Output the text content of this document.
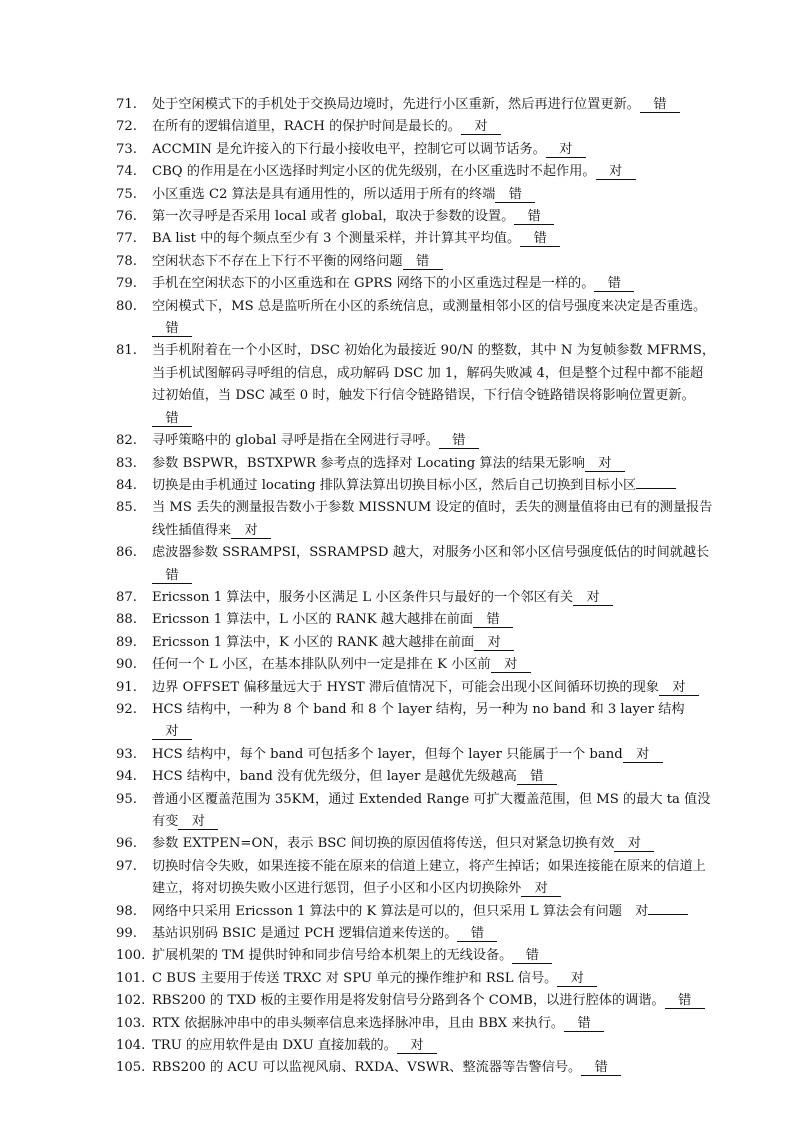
71.	处于空闲模式下的手机处于交换局边境时，先进行小区重新，然后再进行位置更新。 错
72.	在所有的逻辑信道里，RACH 的保护时间是最长的。 对
73.	ACCMIN 是允许接入的下行最小接收电平，控制它可以调节话务。 对
74.	CBQ 的作用是在小区选择时判定小区的优先级别，在小区重选时不起作用。 对
75.	小区重选 C2 算法是具有通用性的，所以适用于所有的终端 错
76.	第一次寻呼是否采用 local 或者 global，取决于参数的设置。 错
77.	BA list 中的每个频点至少有 3 个测量采样，并计算其平均值。 错
78.	空闲状态下不存在上下行不平衡的网络问题 错
79.	手机在空闲状态下的小区重选和在 GPRS 网络下的小区重选过程是一样的。 错
80.	空闲模式下，MS 总是监听所在小区的系统信息，或测量相邻小区的信号强度来决定是否重选。错
81.	当手机附着在一个小区时，DSC 初始化为最接近 90/N 的整数，其中 N 为复帧参数 MFRMS，当手机试图解码寻呼组的信息，成功解码 DSC 加 1，解码失败减 4，但是整个过程中都不能超过初始值，当 DSC 减至 0 时，触发下行信令链路错误，下行信令链路错误将影响位置更新。错
82.	寻呼策略中的 global 寻呼是指在全网进行寻呼。 错
83.	参数 BSPWR，BSTXPWR 参考点的选择对 Locating 算法的结果无影响 对
84.	切换是由手机通过 locating 排队算法算出切换目标小区，然后自己切换到目标小区
85.	当 MS 丢失的测量报告数小于参数 MISSNUM 设定的值时，丢失的测量值将由已有的测量报告线性插值得来 对
86.	虑波器参数 SSRAMPSI，SSRAMPSD 越大，对服务小区和邻小区信号强度低估的时间就越长错
87.	Ericsson 1 算法中，服务小区满足 L 小区条件只与最好的一个邻区有关 对
88.	Ericsson 1 算法中，L 小区的 RANK 越大越排在前面 错
89.	Ericsson 1 算法中，K 小区的 RANK 越大越排在前面 对
90.	任何一个 L 小区，在基本排队队列中一定是排在 K 小区前 对
91.	边界 OFFSET 偏移量远大于 HYST 滞后值情况下，可能会出现小区间循环切换的现象 对
92.	HCS 结构中，一种为 8 个 band 和 8 个 layer 结构，另一种为 no band 和 3 layer 结构对
93.	HCS 结构中，每个 band 可包括多个 layer，但每个 layer 只能属于一个 band 对
94.	HCS 结构中，band 没有优先级分，但 layer 是越优先级越高 错
95.	普通小区覆盖范围为 35KM，通过 Extended Range 可扩大覆盖范围，但 MS 的最大 ta 值没有变 对
96.	参数 EXTPEN=ON，表示 BSC 间切换的原因值将传送，但只对紧急切换有效 对
97.	切换时信令失败，如果连接不能在原来的信道上建立，将产生掉话；如果连接能在原来的信道上建立，将对切换失败小区进行惩罚，但子小区和小区内切换除外 对
98.	网络中只采用 Ericsson 1 算法中的 K 算法是可以的，但只采用 L 算法会有问题　对
99.	基站识别码 BSIC 是通过 PCH 逻辑信道来传送的。 错
100. 扩展机架的 TM 提供时钟和同步信号给本机架上的无线设备。 错
101. C BUS 主要用于传送 TRXC 对 SPU 单元的操作维护和 RSL 信号。 对
102. RBS200 的 TXD 板的主要作用是将发射信号分路到各个 COMB，以进行腔体的调谐。 错
103. RTX 依据脉冲串中的串头频率信息来选择脉冲串，且由 BBX 来执行。 错
104. TRU 的应用软件是由 DXU 直接加载的。 对
105. RBS200 的 ACU 可以监视风扇、RXDA、VSWR、整流器等告警信号。 错
